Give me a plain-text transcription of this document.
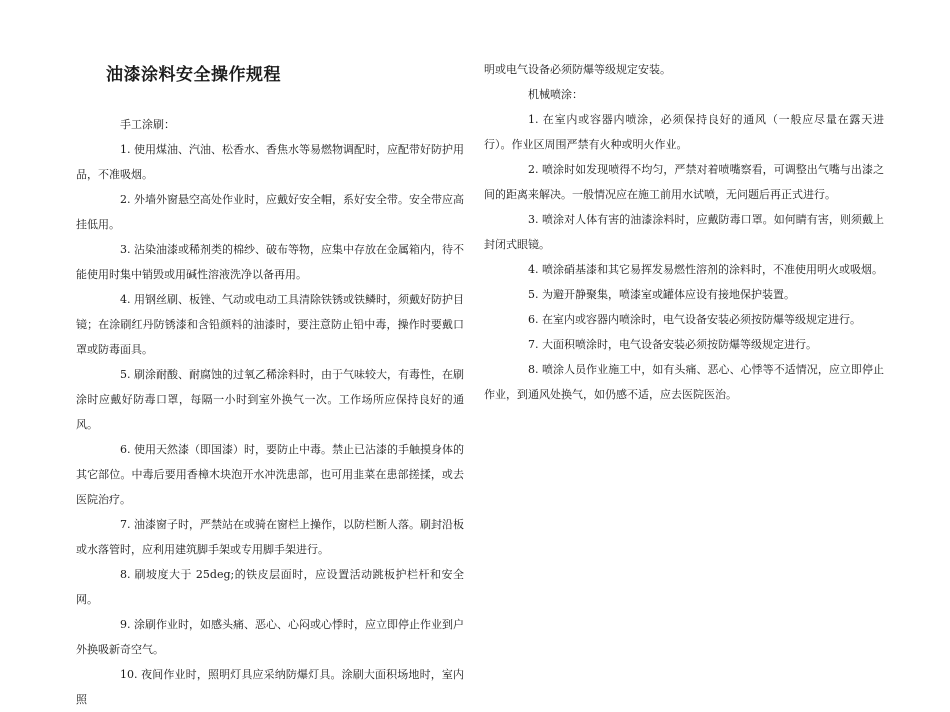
油漆涂料安全操作规程

手工涂刷：

1. 使用煤油、汽油、松香水、香焦水等易燃物调配时，应配带好防护用品，不准吸烟。

2. 外墙外窗悬空高处作业时，应戴好安全帽，系好安全带。安全带应高挂低用。

3. 沾染油漆或稀剂类的棉纱、破布等物，应集中存放在金属箱内，待不能使用时集中销毁或用碱性溶液洗净以备再用。

4. 用钢丝刷、板锉、气动或电动工具清除铁锈或铁鳞时，须戴好防护目镜；在涂刷红丹防锈漆和含铅颜料的油漆时，要注意防止铅中毒，操作时要戴口罩或防毒面具。

5. 刷涂耐酸、耐腐蚀的过氧乙稀涂料时，由于气味较大，有毒性，在刷涂时应戴好防毒口罩，每隔一小时到室外换气一次。工作场所应保持良好的通风。

6. 使用天然漆（即国漆）时，要防止中毒。禁止已沾漆的手触摸身体的其它部位。中毒后要用香樟木块泡开水冲洗患部，也可用韭菜在患部搓揉，或去医院治疗。

7. 油漆窗子时，严禁站在或骑在窗栏上操作，以防栏断人落。刷封沿板或水落管时，应利用建筑脚手架或专用脚手架进行。

8. 刷坡度大于 25deg;的铁皮层面时，应设置活动跳板护栏杆和安全网。

9. 涂刷作业时，如感头痛、恶心、心闷或心悸时，应立即停止作业到户外换吸新奇空气。

10. 夜间作业时，照明灯具应采纳防爆灯具。涂刷大面积场地时，室内照

明或电气设备必须防爆等级规定安装。

机械喷涂：

1. 在室内或容器内喷涂，必须保持良好的通风（一般应尽量在露天进行）。作业区周围严禁有火种或明火作业。

2. 喷涂时如发现喷得不均匀，严禁对着喷嘴察看，可调整出气嘴与出漆之间的距离来解决。一般情况应在施工前用水试喷，无问题后再正式进行。

3. 喷涂对人体有害的油漆涂料时，应戴防毒口罩。如何睛有害，则须戴上封闭式眼镜。

4. 喷涂硝基漆和其它易挥发易燃性溶剂的涂料时，不准使用明火或吸烟。

5. 为避开静聚集，喷漆室或罐体应设有接地保护装置。

6. 在室内或容器内喷涂时，电气设备安装必须按防爆等级规定进行。

7. 大面积喷涂时，电气设备安装必须按防爆等级规定进行。

8. 喷涂人员作业施工中，如有头痛、恶心、心悸等不适情况，应立即停止作业，到通风处换气，如仍感不适，应去医院医治。
